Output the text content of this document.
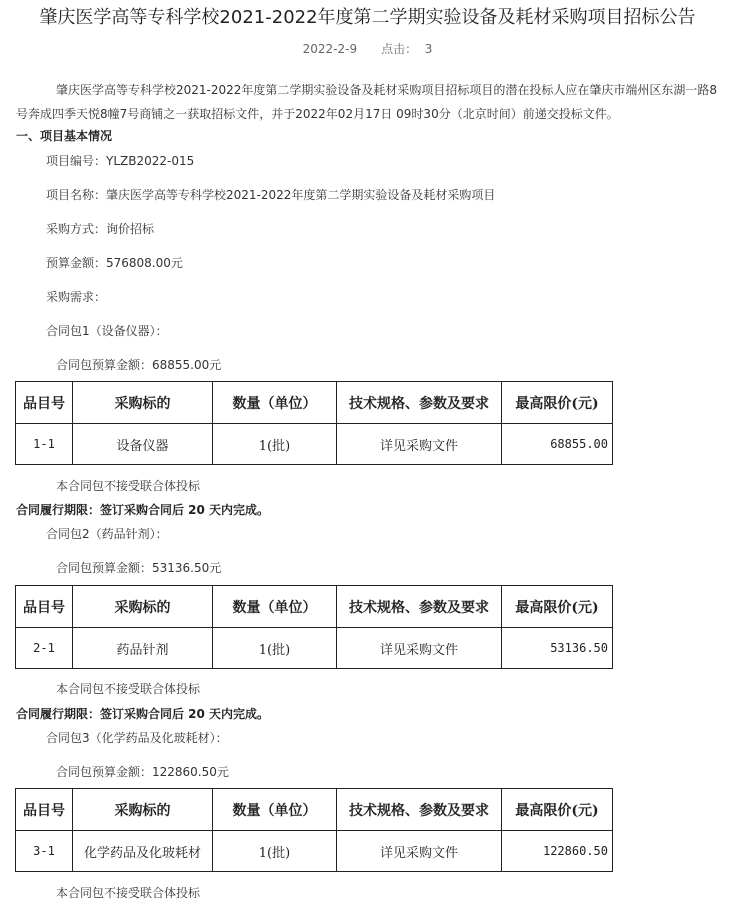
肇庆医学高等专科学校2021-2022年度第二学期实验设备及耗材采购项目招标公告
2022-2-9 点击： 3

肇庆医学高等专科学校2021-2022年度第二学期实验设备及耗材采购项目招标项目的潜在投标人应在肇庆市端州区东湖一路8号奔成四季天悦8幢7号商铺之一获取招标文件，并于2022年02月17日 09时30分（北京时间）前递交投标文件。

一、项目基本情况
项目编号：YLZB2022-015
项目名称：肇庆医学高等专科学校2021-2022年度第二学期实验设备及耗材采购项目
采购方式：询价招标
预算金额：576808.00元
采购需求：
合同包1（设备仪器）：
合同包预算金额：68855.00元
品目号	采购标的	数量（单位）	技术规格、参数及要求	最高限价(元)
1-1	设备仪器	1(批)	详见采购文件	68855.00
本合同包不接受联合体投标
合同履行期限：签订采购合同后 20 天内完成。
合同包2（药品针剂）：
合同包预算金额：53136.50元
品目号	采购标的	数量（单位）	技术规格、参数及要求	最高限价(元)
2-1	药品针剂	1(批)	详见采购文件	53136.50
本合同包不接受联合体投标
合同履行期限：签订采购合同后 20 天内完成。
合同包3（化学药品及化玻耗材）：
合同包预算金额：122860.50元
品目号	采购标的	数量（单位）	技术规格、参数及要求	最高限价(元)
3-1	化学药品及化玻耗材	1(批)	详见采购文件	122860.50
本合同包不接受联合体投标
